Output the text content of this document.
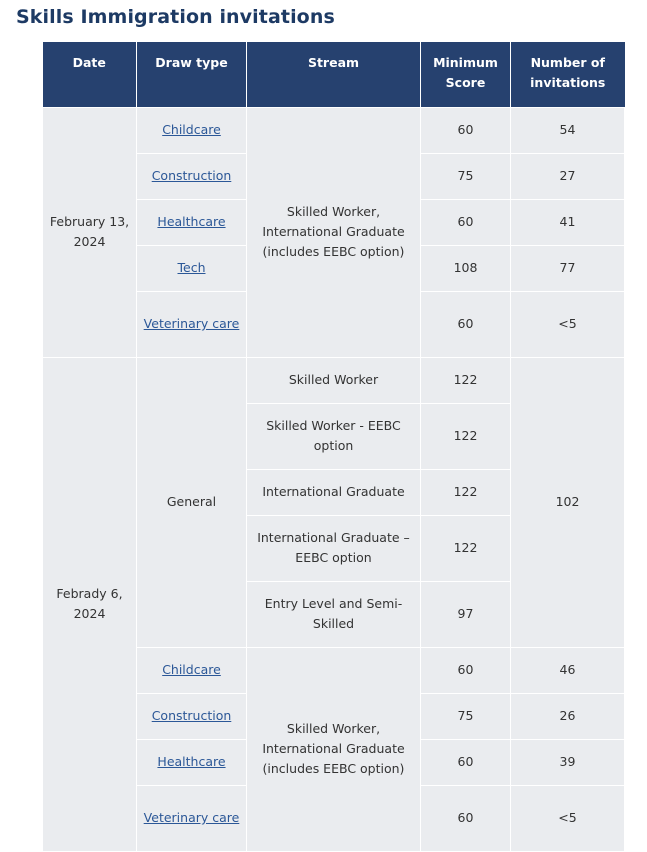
Skills Immigration invitations
Date	Draw type	Stream	Minimum Score	Number of invitations
February 13, 2024	Childcare	Skilled Worker, International Graduate (includes EEBC option)	60	54
	Construction		75	27
	Healthcare		60	41
	Tech		108	77
	Veterinary care		60	<5
Febrady 6, 2024	General	Skilled Worker	122	102
		Skilled Worker - EEBC option	122	
		International Graduate	122	
		International Graduate – EEBC option	122	
		Entry Level and Semi-Skilled	97	
	Childcare	Skilled Worker, International Graduate (includes EEBC option)	60	46
	Construction		75	26
	Healthcare		60	39
	Veterinary care		60	<5
